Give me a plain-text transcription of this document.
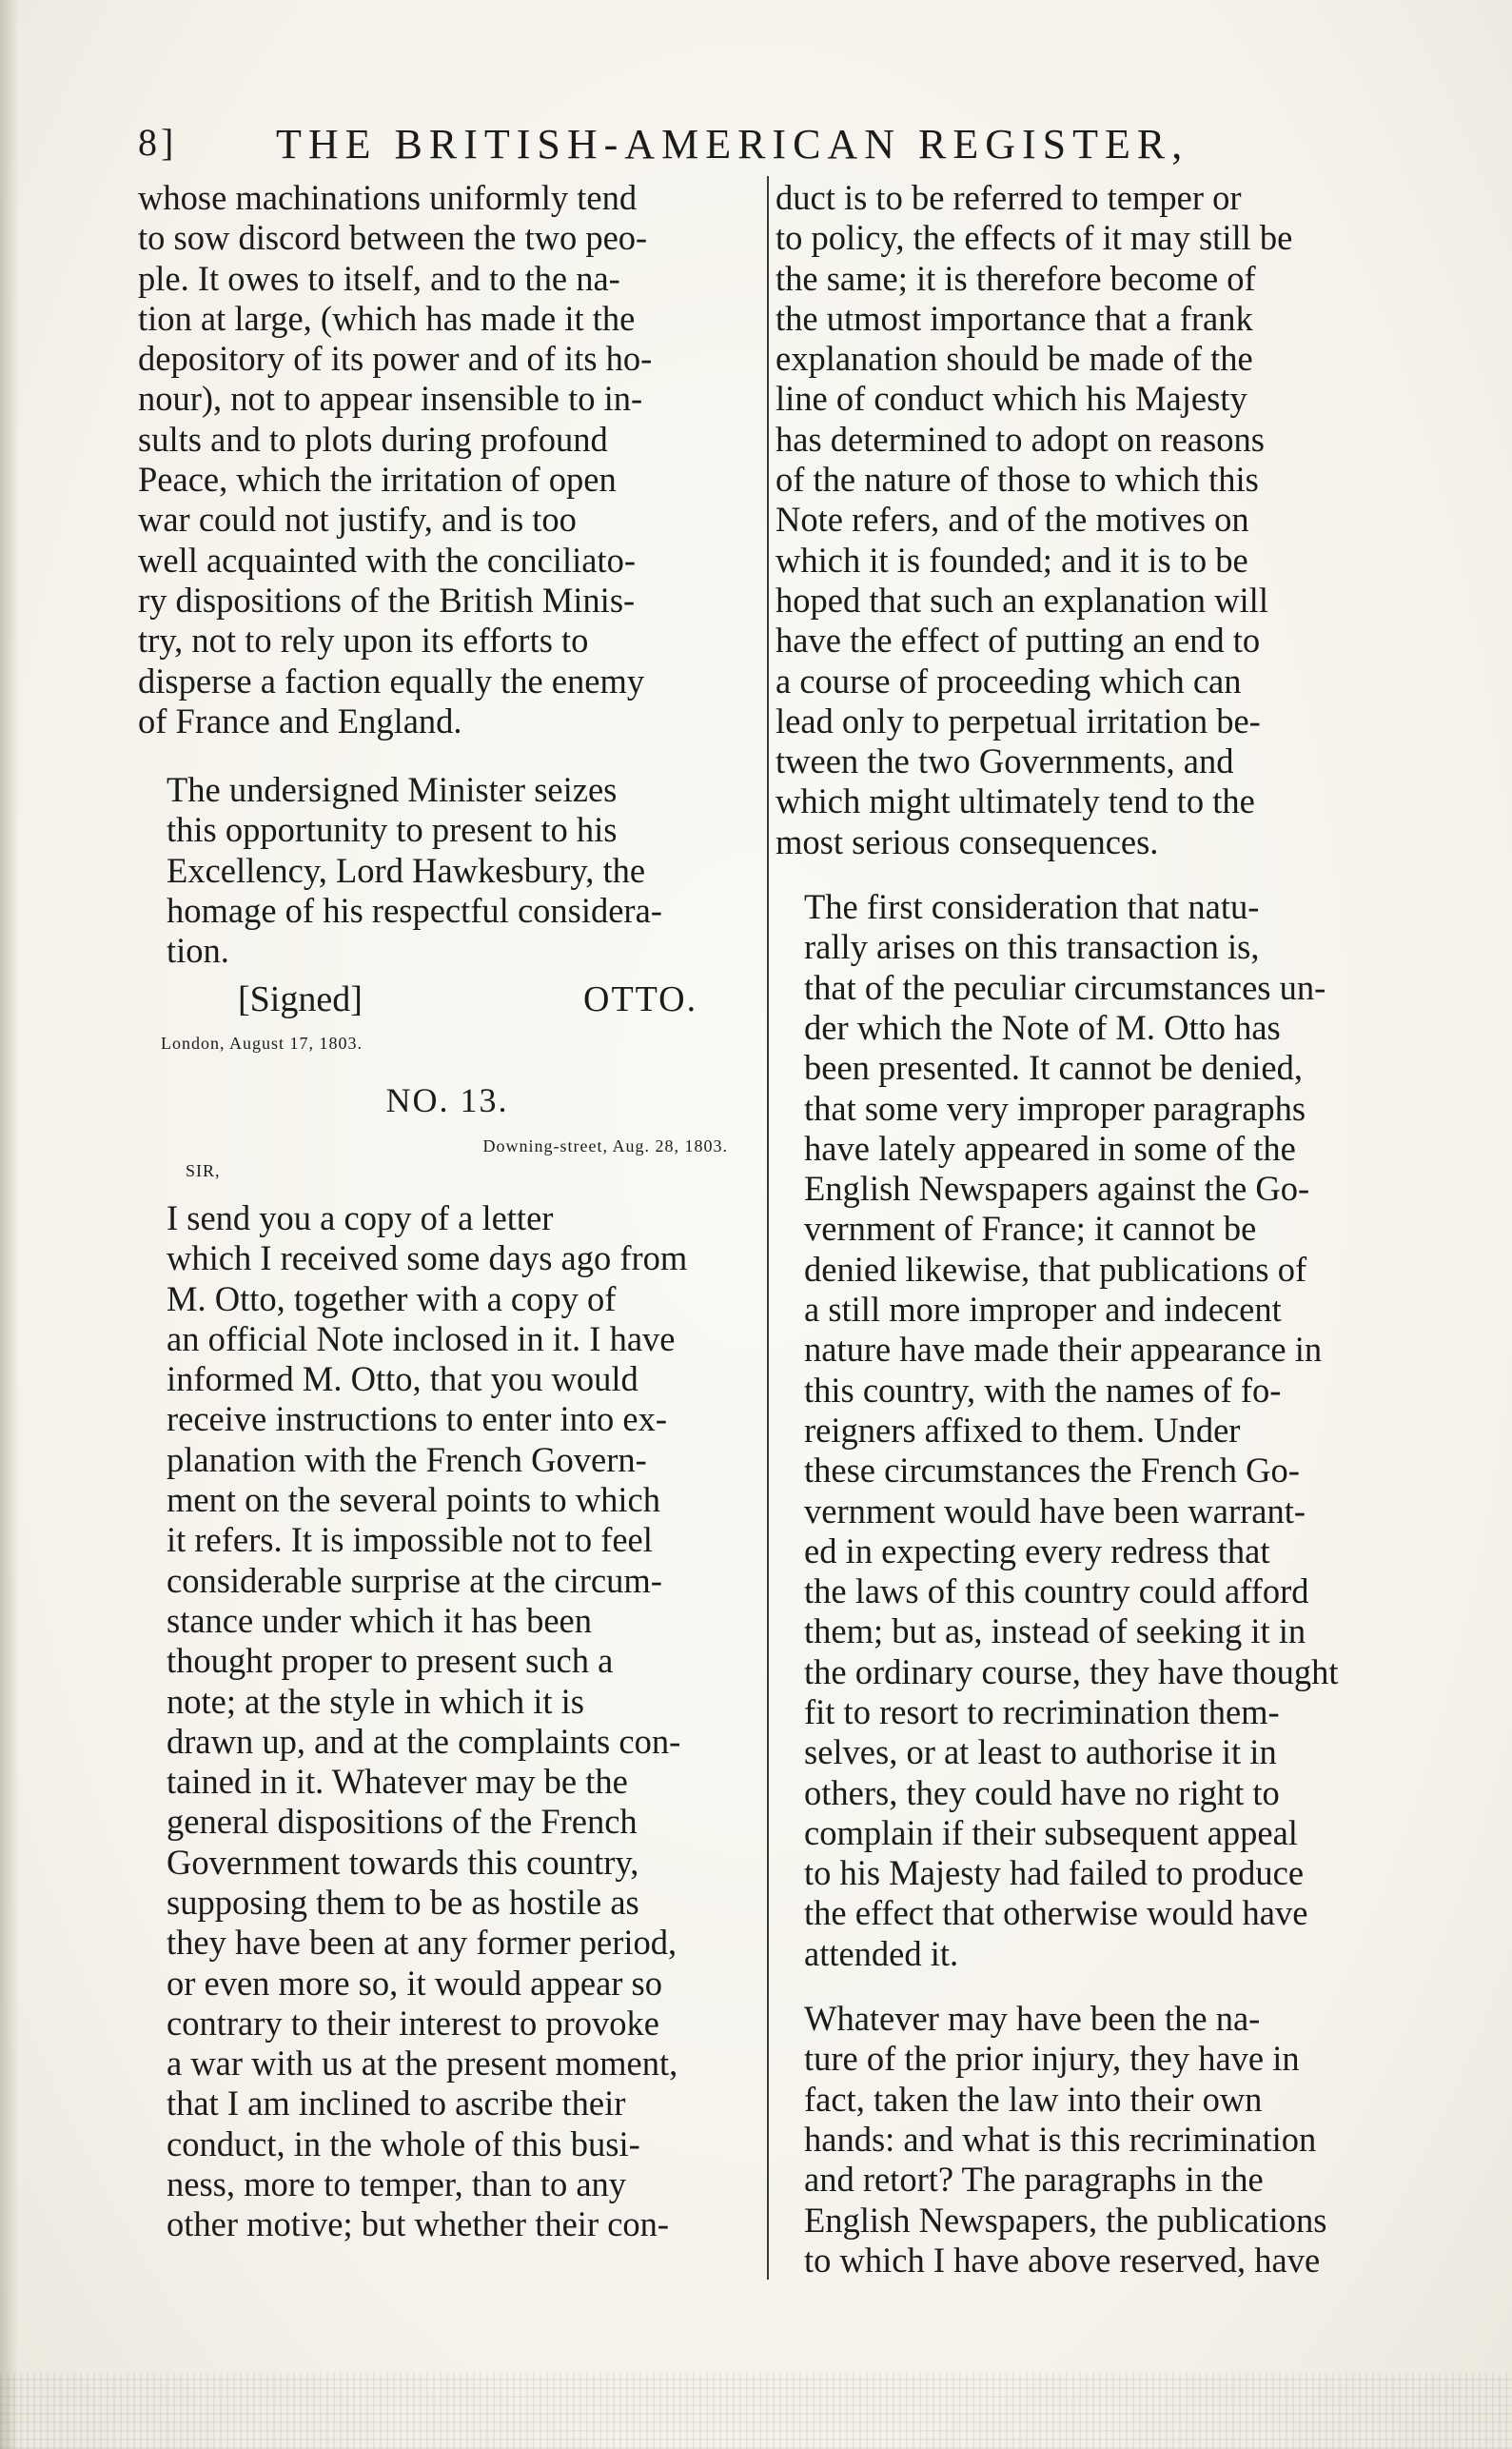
8] THE BRITISH-AMERICAN REGISTER,

whose machinations uniformly tend
to sow discord between the two peo-
ple. It owes to itself, and to the na-
tion at large, (which has made it the
depository of its power and of its ho-
nour), not to appear insensible to in-
sults and to plots during profound
Peace, which the irritation of open
war could not justify, and is too
well acquainted with the conciliato-
ry dispositions of the British Minis-
try, not to rely upon its efforts to
disperse a faction equally the enemy
of France and England.

The undersigned Minister seizes
this opportunity to present to his
Excellency, Lord Hawkesbury, the
homage of his respectful considera-
tion.

[Signed]	OTTO.
London, August 17, 1803.
NO. 13.
Downing-street, Aug. 28, 1803.
SIR,

I send you a copy of a letter
which I received some days ago from
M. Otto, together with a copy of
an official Note inclosed in it. I have
informed M. Otto, that you would
receive instructions to enter into ex-
planation with the French Govern-
ment on the several points to which
it refers. It is impossible not to feel
considerable surprise at the circum-
stance under which it has been
thought proper to present such a
note; at the style in which it is
drawn up, and at the complaints con-
tained in it. Whatever may be the
general dispositions of the French
Government towards this country,
supposing them to be as hostile as
they have been at any former period,
or even more so, it would appear so
contrary to their interest to provoke
a war with us at the present moment,
that I am inclined to ascribe their
conduct, in the whole of this busi-
ness, more to temper, than to any
other motive; but whether their con-

duct is to be referred to temper or
to policy, the effects of it may still be
the same; it is therefore become of
the utmost importance that a frank
explanation should be made of the
line of conduct which his Majesty
has determined to adopt on reasons
of the nature of those to which this
Note refers, and of the motives on
which it is founded; and it is to be
hoped that such an explanation will
have the effect of putting an end to
a course of proceeding which can
lead only to perpetual irritation be-
tween the two Governments, and
which might ultimately tend to the
most serious consequences.

The first consideration that natu-
rally arises on this transaction is,
that of the peculiar circumstances un-
der which the Note of M. Otto has
been presented. It cannot be denied,
that some very improper paragraphs
have lately appeared in some of the
English Newspapers against the Go-
vernment of France; it cannot be
denied likewise, that publications of
a still more improper and indecent
nature have made their appearance in
this country, with the names of fo-
reigners affixed to them. Under
these circumstances the French Go-
vernment would have been warrant-
ed in expecting every redress that
the laws of this country could afford
them; but as, instead of seeking it in
the ordinary course, they have thought
fit to resort to recrimination them-
selves, or at least to authorise it in
others, they could have no right to
complain if their subsequent appeal
to his Majesty had failed to produce
the effect that otherwise would have
attended it.

Whatever may have been the na-
ture of the prior injury, they have in
fact, taken the law into their own
hands: and what is this recrimination
and retort? The paragraphs in the
English Newspapers, the publications
to which I have above reserved, have
